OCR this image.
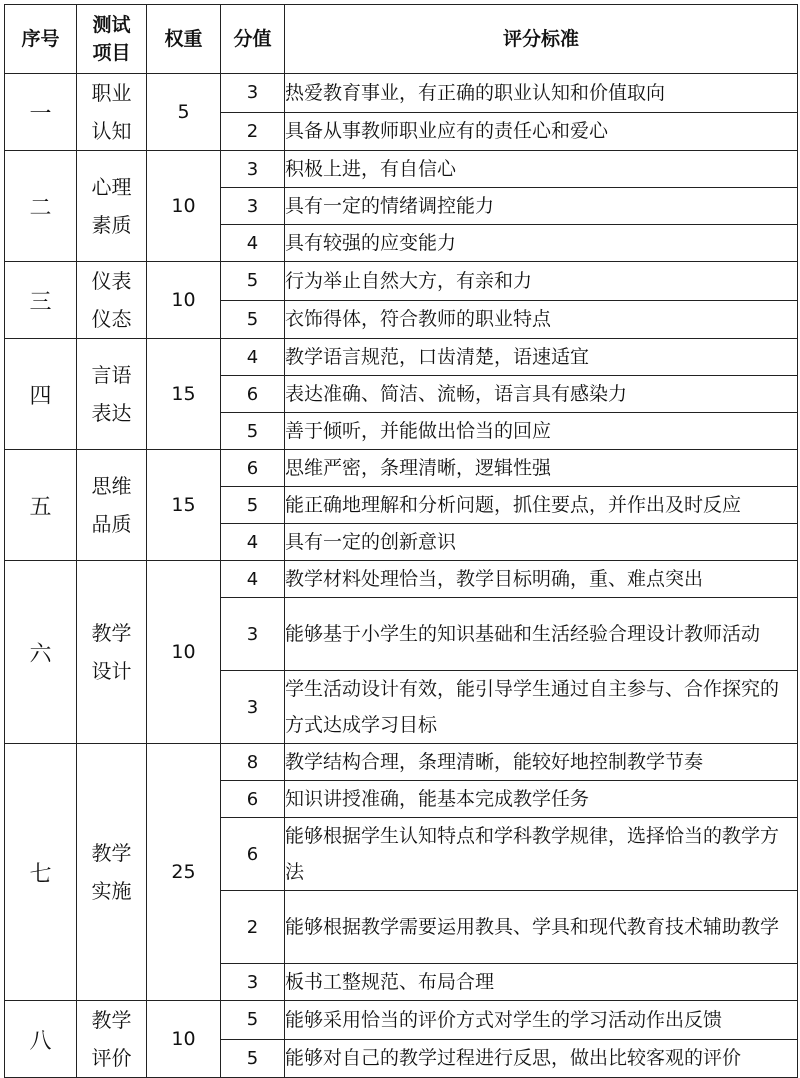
序号	测试项目	权重	分值	评分标准
一	职业认知	5	3	热爱教育事业，有正确的职业认知和价值取向
			2	具备从事教师职业应有的责任心和爱心
二	心理素质	10	3	积极上进，有自信心
			3	具有一定的情绪调控能力
			4	具有较强的应变能力
三	仪表仪态	10	5	行为举止自然大方，有亲和力
			5	衣饰得体，符合教师的职业特点
四	言语表达	15	4	教学语言规范，口齿清楚，语速适宜
			6	表达准确、简洁、流畅，语言具有感染力
			5	善于倾听，并能做出恰当的回应
五	思维品质	15	6	思维严密，条理清晰，逻辑性强
			5	能正确地理解和分析问题，抓住要点，并作出及时反应
			4	具有一定的创新意识
六	教学设计	10	4	教学材料处理恰当，教学目标明确，重、难点突出
			3	能够基于小学生的知识基础和生活经验合理设计教师活动
			3	学生活动设计有效，能引导学生通过自主参与、合作探究的方式达成学习目标
七	教学实施	25	8	教学结构合理，条理清晰，能较好地控制教学节奏
			6	知识讲授准确，能基本完成教学任务
			6	能够根据学生认知特点和学科教学规律，选择恰当的教学方法
			2	能够根据教学需要运用教具、学具和现代教育技术辅助教学
			3	板书工整规范、布局合理
八	教学评价	10	5	能够采用恰当的评价方式对学生的学习活动作出反馈
			5	能够对自己的教学过程进行反思，做出比较客观的评价
